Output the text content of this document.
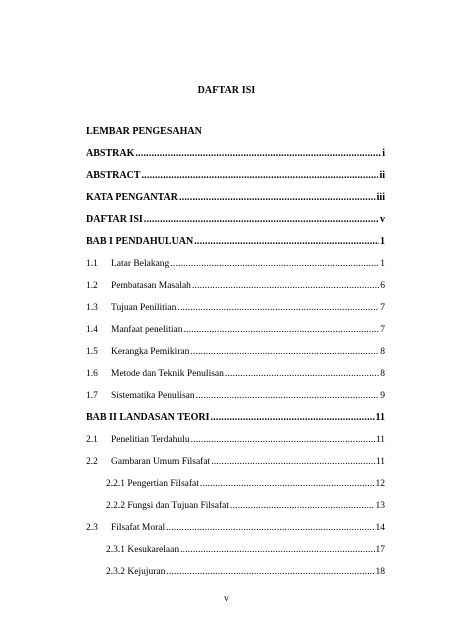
DAFTAR ISI
LEMBAR PENGESAHAN
ABSTRAK .....	i
ABSTRACT .....	ii
KATA PENGANTAR .....	iii
DAFTAR ISI .....	v
BAB I PENDAHULUAN .....	1
1.1	Latar Belakang .....	1
1.2	Pembatasan Masalah .....	6
1.3	Tujuan Penilitian .....	7
1.4	Manfaat penelitian .....	7
1.5	Kerangka Pemikiran .....	8
1.6	Metode dan Teknik Penulisan .....	8
1.7	Sistematika Penulisan .....	9
BAB II LANDASAN TEORI .....	11
2.1	Penelitian Terdahulu .....	11
2.2	Gambaran Umum Filsafat .....	11
2.2.1 Pengertian Filsafat .....	12
2.2.2 Fungsi dan Tujuan Filsafat .....	13
2.3	Filsafat Moral .....	14
2.3.1 Kesukarelaan .....	17
2.3.2 Kejujuran .....	18
v
